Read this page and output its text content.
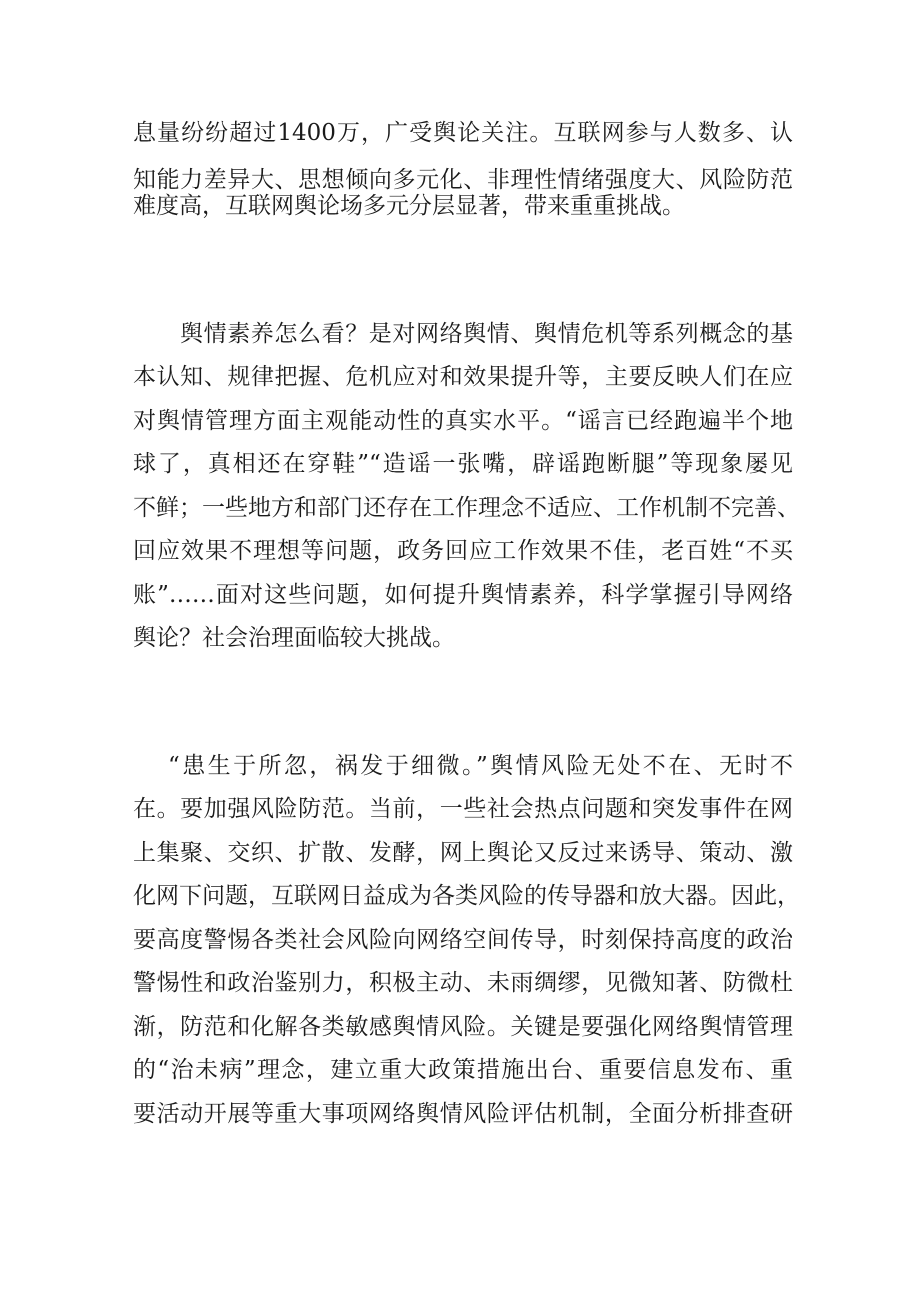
息量纷纷超过1400万，广受舆论关注。互联网参与人数多、认
知能力差异大、思想倾向多元化、非理性情绪强度大、风险防范
难度高，互联网舆论场多元分层显著，带来重重挑战。
舆情素养怎么看？是对网络舆情、舆情危机等系列概念的基
本认知、规律把握、危机应对和效果提升等，主要反映人们在应
对舆情管理方面主观能动性的真实水平。“谣言已经跑遍半个地
球了，真相还在穿鞋”“造谣一张嘴，辟谣跑断腿”等现象屡见
不鲜；一些地方和部门还存在工作理念不适应、工作机制不完善、
回应效果不理想等问题，政务回应工作效果不佳，老百姓“不买
账”……面对这些问题，如何提升舆情素养，科学掌握引导网络
舆论？社会治理面临较大挑战。
“患生于所忽，祸发于细微。”舆情风险无处不在、无时不
在。要加强风险防范。当前，一些社会热点问题和突发事件在网
上集聚、交织、扩散、发酵，网上舆论又反过来诱导、策动、激
化网下问题，互联网日益成为各类风险的传导器和放大器。因此，
要高度警惕各类社会风险向网络空间传导，时刻保持高度的政治
警惕性和政治鉴别力，积极主动、未雨绸缪，见微知著、防微杜
渐，防范和化解各类敏感舆情风险。关键是要强化网络舆情管理
的“治未病”理念，建立重大政策措施出台、重要信息发布、重
要活动开展等重大事项网络舆情风险评估机制，全面分析排查研
